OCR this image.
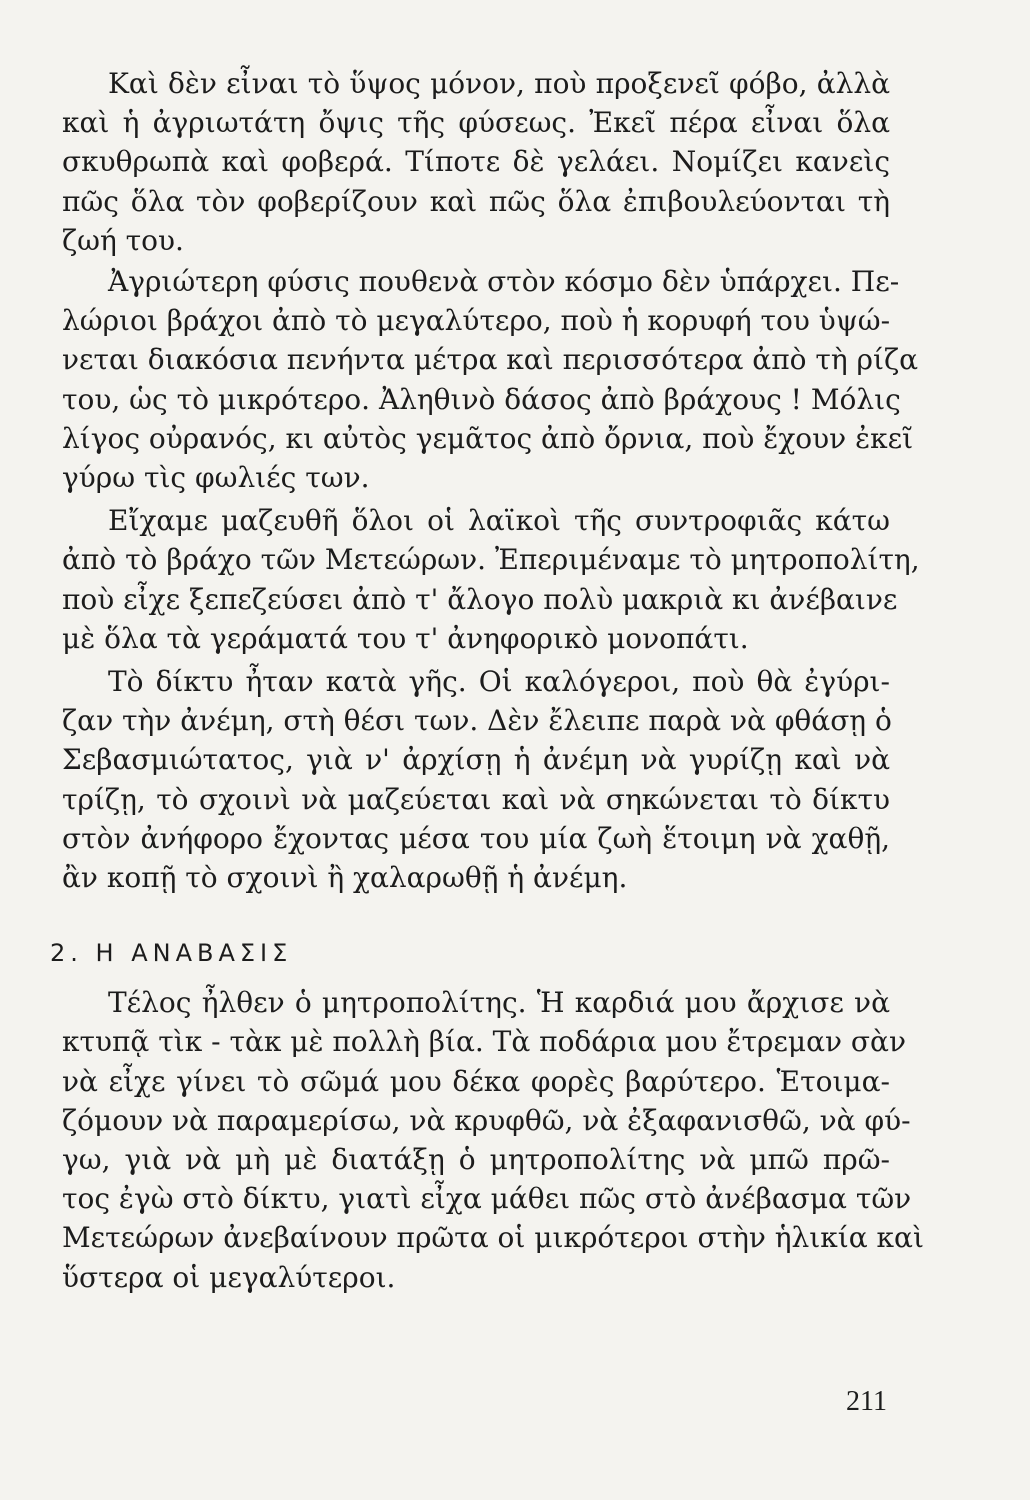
Καὶ δὲν εἶναι τὸ ὕψος μόνον, ποὺ προξενεῖ φόβο, ἀλλὰ
καὶ ἡ ἀγριωτάτη ὄψις τῆς φύσεως. Ἐκεῖ πέρα εἶναι ὅλα
σκυθρωπὰ καὶ φοβερά. Τίποτε δὲ γελάει. Νομίζει κανεὶς
πῶς ὅλα τὸν φοβερίζουν καὶ πῶς ὅλα ἐπιβουλεύονται τὴ
ζωή του.
Ἀγριώτερη φύσις πουθενὰ στὸν κόσμο δὲν ὑπάρχει. Πε-
λώριοι βράχοι ἀπὸ τὸ μεγαλύτερο, ποὺ ἡ κορυφή του ὑψώ-
νεται διακόσια πενήντα μέτρα καὶ περισσότερα ἀπὸ τὴ ρίζα
του, ὡς τὸ μικρότερο. Ἀληθινὸ δάσος ἀπὸ βράχους ! Μόλις
λίγος οὐρανός, κι αὐτὸς γεμᾶτος ἀπὸ ὄρνια, ποὺ ἔχουν ἐκεῖ
γύρω τὶς φωλιές των.
Εἴχαμε μαζευθῆ ὅλοι οἱ λαϊκοὶ τῆς συντροφιᾶς κάτω
ἀπὸ τὸ βράχο τῶν Μετεώρων. Ἐπεριμέναμε τὸ μητροπολίτη,
ποὺ εἶχε ξεπεζεύσει ἀπὸ τ' ἄλογο πολὺ μακριὰ κι ἀνέβαινε
μὲ ὅλα τὰ γεράματά του τ' ἀνηφορικὸ μονοπάτι.
Τὸ δίκτυ ἦταν κατὰ γῆς. Οἱ καλόγεροι, ποὺ θὰ ἐγύρι-
ζαν τὴν ἀνέμη, στὴ θέσι των. Δὲν ἔλειπε παρὰ νὰ φθάσῃ ὁ
Σεβασμιώτατος, γιὰ ν' ἀρχίσῃ ἡ ἀνέμη νὰ γυρίζῃ καὶ νὰ
τρίζῃ, τὸ σχοινὶ νὰ μαζεύεται καὶ νὰ σηκώνεται τὸ δίκτυ
στὸν ἀνήφορο ἔχοντας μέσα του μία ζωὴ ἕτοιμη νὰ χαθῇ,
ἂν κοπῇ τὸ σχοινὶ ἢ χαλαρωθῇ ἡ ἀνέμη.
2. Η ΑΝΑΒΑΣΙΣ
Τέλος ἦλθεν ὁ μητροπολίτης. Ἡ καρδιά μου ἄρχισε νὰ
κτυπᾷ τὶκ - τὰκ μὲ πολλὴ βία. Τὰ ποδάρια μου ἔτρεμαν σὰν
νὰ εἶχε γίνει τὸ σῶμά μου δέκα φορὲς βαρύτερο. Ἑτοιμα-
ζόμουν νὰ παραμερίσω, νὰ κρυφθῶ, νὰ ἐξαφανισθῶ, νὰ φύ-
γω, γιὰ νὰ μὴ μὲ διατάξῃ ὁ μητροπολίτης νὰ μπῶ πρῶ-
τος ἐγὼ στὸ δίκτυ, γιατὶ εἶχα μάθει πῶς στὸ ἀνέβασμα τῶν
Μετεώρων ἀνεβαίνουν πρῶτα οἱ μικρότεροι στὴν ἡλικία καὶ
ὕστερα οἱ μεγαλύτεροι.
211
